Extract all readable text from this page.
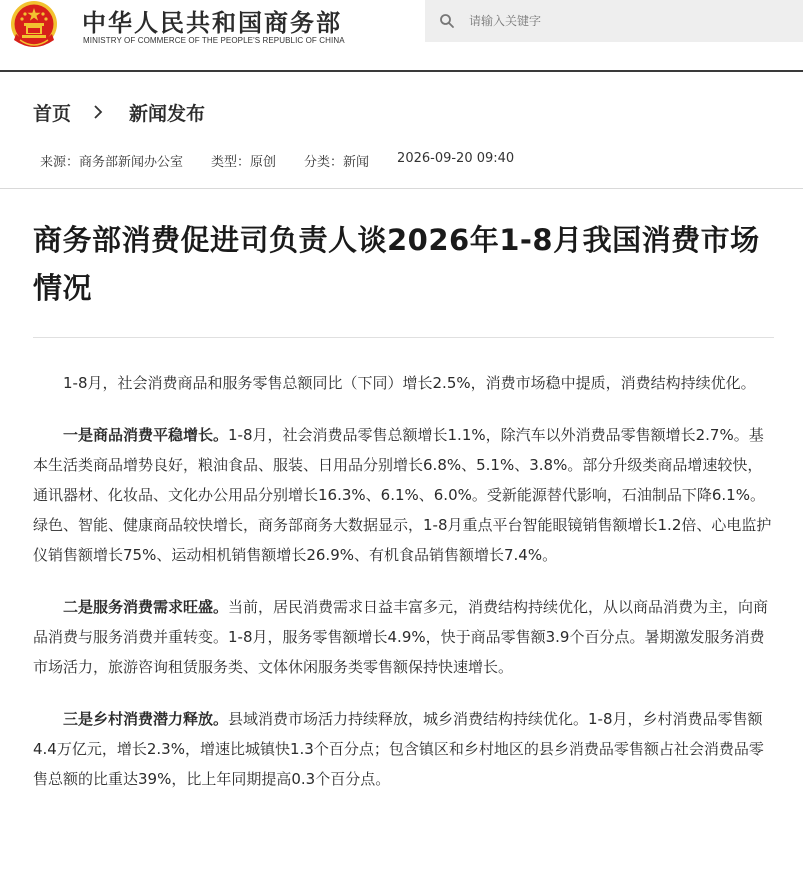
中华人民共和国商务部
MINISTRY OF COMMERCE OF THE PEOPLE'S REPUBLIC OF CHINA
请输入关键字
首页	新闻发布
来源：商务部新闻办公室 类型：原创 分类：新闻 2026-09-20 09:40
商务部消费促进司负责人谈2026年1-8月我国消费市场情况

1-8月，社会消费商品和服务零售总额同比（下同）增长2.5%，消费市场稳中提质，消费结构持续优化。

一是商品消费平稳增长。1-8月，社会消费品零售总额增长1.1%，除汽车以外消费品零售额增长2.7%。基本生活类商品增势良好，粮油食品、服装、日用品分别增长6.8%、5.1%、3.8%。部分升级类商品增速较快，通讯器材、化妆品、文化办公用品分别增长16.3%、6.1%、6.0%。受新能源替代影响，石油制品下降6.1%。绿色、智能、健康商品较快增长，商务部商务大数据显示，1-8月重点平台智能眼镜销售额增长1.2倍、心电监护仪销售额增长75%、运动相机销售额增长26.9%、有机食品销售额增长7.4%。

二是服务消费需求旺盛。当前，居民消费需求日益丰富多元，消费结构持续优化，从以商品消费为主，向商品消费与服务消费并重转变。1-8月，服务零售额增长4.9%，快于商品零售额3.9个百分点。暑期激发服务消费市场活力，旅游咨询租赁服务类、文体休闲服务类零售额保持快速增长。

三是乡村消费潜力释放。县域消费市场活力持续释放，城乡消费结构持续优化。1-8月，乡村消费品零售额4.4万亿元，增长2.3%，增速比城镇快1.3个百分点；包含镇区和乡村地区的县乡消费品零售额占社会消费品零售总额的比重达39%，比上年同期提高0.3个百分点。
